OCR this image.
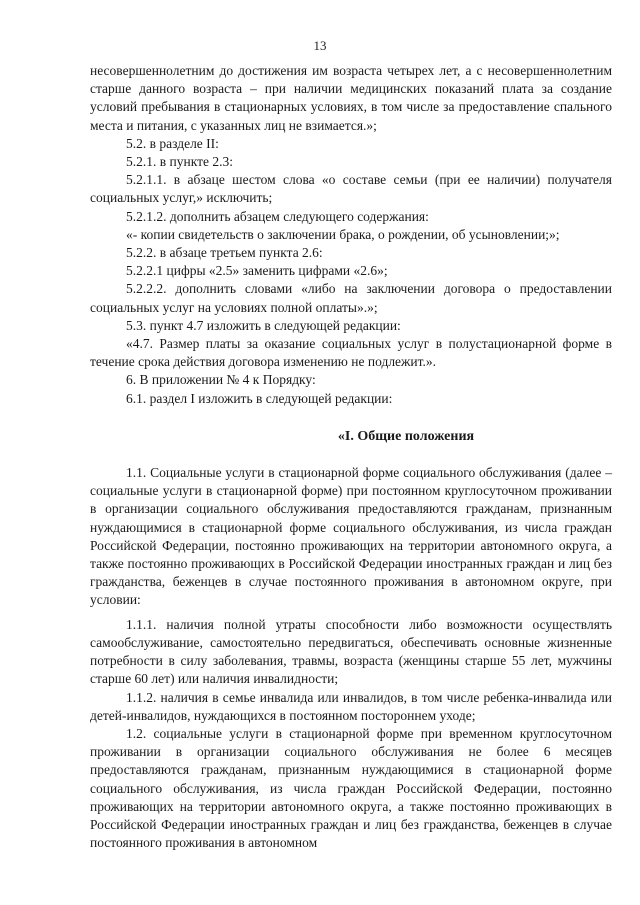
13

несовершеннолетним до достижения им возраста четырех лет, а с несовершеннолетним старше данного возраста – при наличии медицинских показаний плата за создание условий пребывания в стационарных условиях, в том числе за предоставление спального места и питания, с указанных лиц не взимается.»;

5.2. в разделе II:

5.2.1. в пункте 2.3:

5.2.1.1. в абзаце шестом слова «о составе семьи (при ее наличии) получателя социальных услуг,» исключить;

5.2.1.2. дополнить абзацем следующего содержания:

«- копии свидетельств о заключении брака, о рождении, об усыновлении;»;

5.2.2. в абзаце третьем пункта 2.6:

5.2.2.1 цифры «2.5» заменить цифрами «2.6»;

5.2.2.2. дополнить словами «либо на заключении договора о предоставлении социальных услуг на условиях полной оплаты».»;

5.3. пункт 4.7 изложить в следующей редакции:

«4.7. Размер платы за оказание социальных услуг в полустационарной форме в течение срока действия договора изменению не подлежит.».

6. В приложении № 4 к Порядку:

6.1. раздел I изложить в следующей редакции:

«I. Общие положения

1.1. Социальные услуги в стационарной форме социального обслуживания (далее – социальные услуги в стационарной форме) при постоянном круглосуточном проживании в организации социального обслуживания предоставляются гражданам, признанным нуждающимися в стационарной форме социального обслуживания, из числа граждан Российской Федерации, постоянно проживающих на территории автономного округа, а также постоянно проживающих в Российской Федерации иностранных граждан и лиц без гражданства, беженцев в случае постоянного проживания в автономном округе, при условии:

1.1.1. наличия полной утраты способности либо возможности осуществлять самообслуживание, самостоятельно передвигаться, обеспечивать основные жизненные потребности в силу заболевания, травмы, возраста (женщины старше 55 лет, мужчины старше 60 лет) или наличия инвалидности;

1.1.2. наличия в семье инвалида или инвалидов, в том числе ребенка-инвалида или детей-инвалидов, нуждающихся в постоянном постороннем уходе;

1.2. социальные услуги в стационарной форме при временном круглосуточном проживании в организации социального обслуживания не более 6 месяцев предоставляются гражданам, признанным нуждающимися в стационарной форме социального обслуживания, из числа граждан Российской Федерации, постоянно проживающих на территории автономного округа, а также постоянно проживающих в Российской Федерации иностранных граждан и лиц без гражданства, беженцев в случае постоянного проживания в автономном
